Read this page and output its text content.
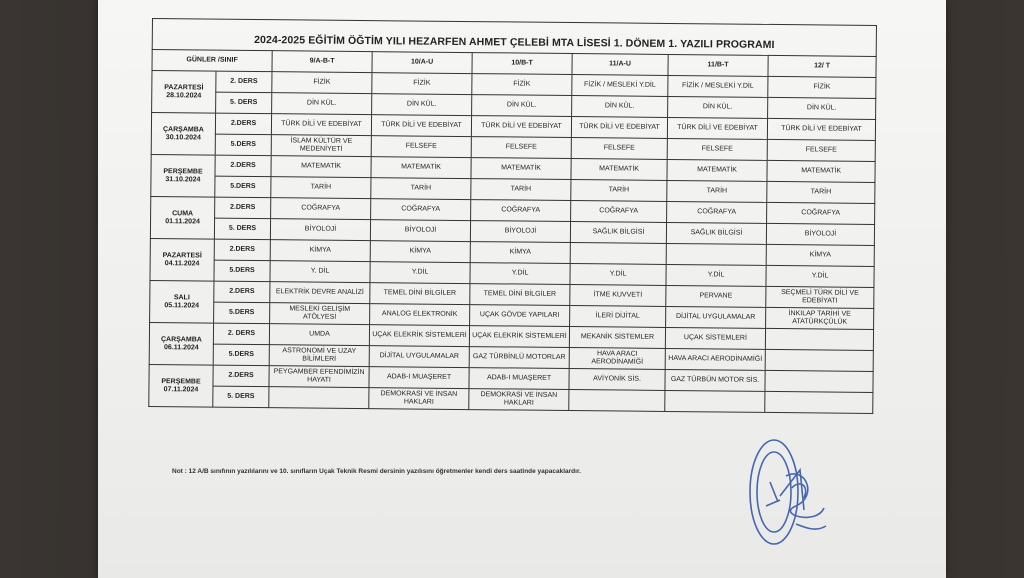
2024-2025 EĞİTİM ÖĞTİM YILI HEZARFEN AHMET ÇELEBİ MTA LİSESİ 1. DÖNEM 1. YAZILI PROGRAMI							

GÜNLER /SINIF		9/A-B-T	10/A-U	10/B-T	11/A-U	11/B-T	12/ T

PAZARTESİ
28.10.2024	2. DERS	FİZİK	FİZİK	FİZİK	FİZİK / MESLEKİ Y.DİL	FİZİK / MESLEKİ Y.DİL	FİZİK
	5. DERS	DİN KÜL.	DİN KÜL.	DİN KÜL.	DİN KÜL.	DİN KÜL.	DİN KÜL.

ÇARŞAMBA
30.10.2024	2.DERS	TÜRK DİLİ VE EDEBİYAT	TÜRK DİLİ VE EDEBİYAT	TÜRK DİLİ VE EDEBİYAT	TÜRK DİLİ VE EDEBİYAT	TÜRK DİLİ VE EDEBİYAT	TÜRK DİLİ VE EDEBİYAT
	5.DERS	İSLAM KÜLTÜR VE MEDENİYETİ	FELSEFE	FELSEFE	FELSEFE	FELSEFE	FELSEFE

PERŞEMBE
31.10.2024	2.DERS	MATEMATİK	MATEMATİK	MATEMATİK	MATEMATİK	MATEMATİK	MATEMATİK
	5.DERS	TARİH	TARİH	TARİH	TARİH	TARİH	TARİH

CUMA
01.11.2024	2.DERS	COĞRAFYA	COĞRAFYA	COĞRAFYA	COĞRAFYA	COĞRAFYA	COĞRAFYA
	5. DERS	BİYOLOJİ	BİYOLOJİ	BİYOLOJİ	SAĞLIK BİLGİSİ	SAĞLIK BİLGİSİ	BİYOLOJİ

PAZARTESİ
04.11.2024	2.DERS	KİMYA	KİMYA	KİMYA			KİMYA
	5.DERS	Y. DİL	Y.DİL	Y.DİL	Y.DİL	Y.DİL	Y.DİL

SALI
05.11.2024	2.DERS	ELEKTRİK DEVRE ANALİZİ	TEMEL DİNİ BİLGİLER	TEMEL DİNİ BİLGİLER	İTME KUVVETİ	PERVANE	SEÇMELİ TÜRK DİLİ VE EDEBİYATI
	5.DERS	MESLEKİ GELİŞİM ATÖLYESİ	ANALOG ELEKTRONİK	UÇAK GÖVDE YAPILARI	İLERİ DİJİTAL	DİJİTAL UYGULAMALAR	İNKILAP TARİHİ VE ATATÜRKÇÜLÜK

ÇARŞAMBA
06.11.2024	2. DERS	UMDA	UÇAK ELEKRİK SİSTEMLERİ	UÇAK ELEKRİK SİSTEMLERİ	MEKANİK SİSTEMLER	UÇAK SİSTEMLERİ	
	5.DERS	ASTRONOMİ VE UZAY BİLİMLERİ	DİJİTAL UYGULAMALAR	GAZ TÜRBİNLÜ MOTORLAR	HAVA ARACI AERODİNAMİĞİ	HAVA ARACI AERODİNAMİĞİ	

PERŞEMBE
07.11.2024	2.DERS	PEYGAMBER EFENDİMİZİN HAYATI	ADAB-I MUAŞERET	ADAB-I MUAŞERET	AVİYONİK SİS.	GAZ TÜRBÜN MOTOR SİS.	
	5. DERS		DEMOKRASİ VE İNSAN HAKLARI	DEMOKRASİ VE İNSAN HAKLARI			
Not : 12 A/B sınıfının yazılılarını ve 10. sınıfların Uçak Teknik Resmi dersinin yazılısını öğretmenler kendi ders saatinde yapacaklardır.
